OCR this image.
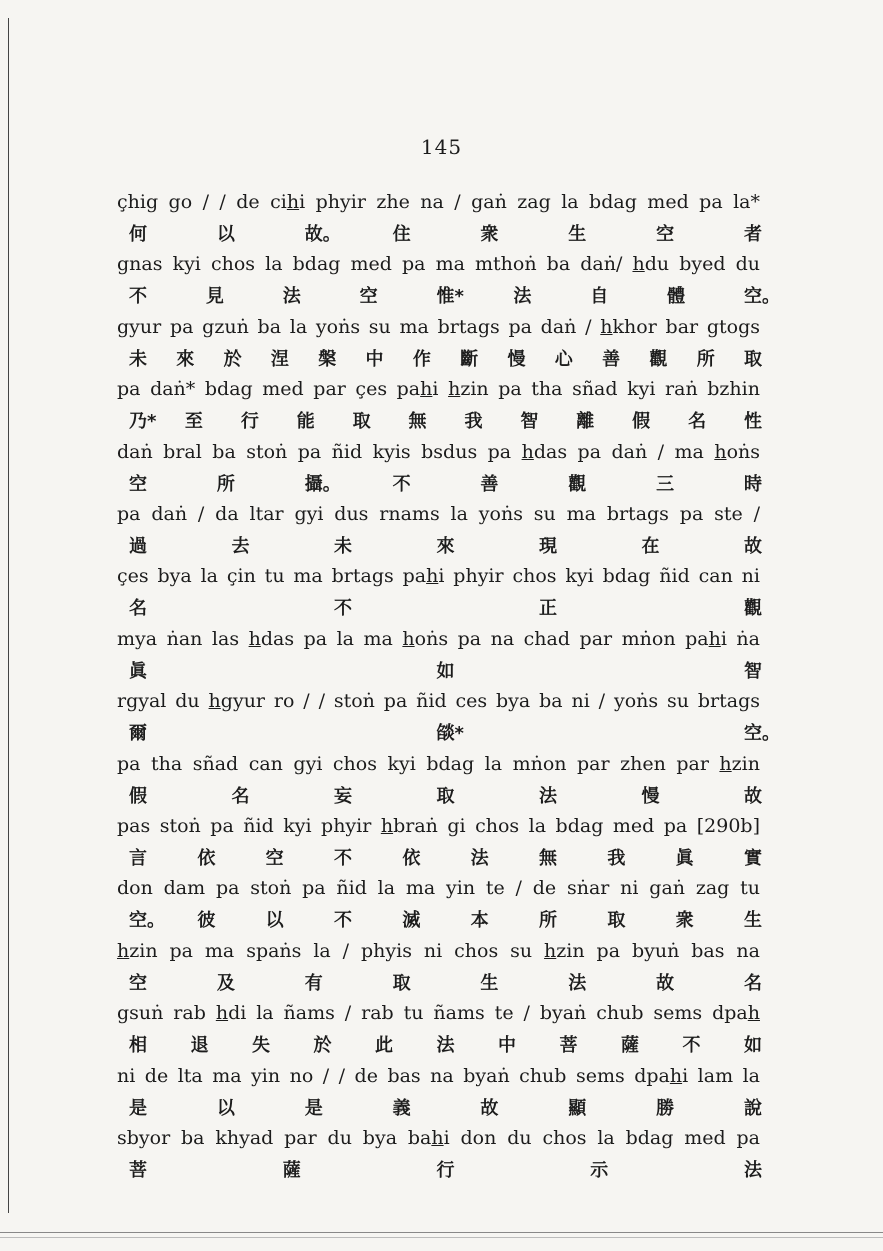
145
çhig go / / de cihi phyir zhe na / gaṅ zag la bdag med pa la*
何	以	故。	住	衆	生	空	者
gnas kyi chos la bdag med pa ma mthoṅ ba daṅ/ hdu byed du
不	見	法	空	惟*	法	自	體	空。
gyur pa gzuṅ ba la yoṅs su ma brtags pa daṅ / hkhor bar gtogs
未 來 於 涅 槃 中 作 斷 慢 心 善 觀 所 取
pa daṅ* bdag med par çes pahi hzin pa tha sñad kyi raṅ bzhin
乃* 至 行 能 取 無 我 智 離 假 名 性
daṅ bral ba stoṅ pa ñid kyis bsdus pa hdas pa daṅ / ma hoṅs
空	所	攝。	不	善	觀	三	時
pa daṅ / da ltar gyi dus rnams la yoṅs su ma brtags pa ste /
過	去	未	來	現	在	故
çes bya la çin tu ma brtags pahi phyir chos kyi bdag ñid can ni
名	不	正	觀
mya ṅan las hdas pa la ma hoṅs pa na chad par mṅon pahi ṅa
眞	如	智
rgyal du hgyur ro / / stoṅ pa ñid ces bya ba ni / yoṅs su brtags
爾	燄*	空。
pa tha sñad can gyi chos kyi bdag la mṅon par zhen par hzin
假	名	妄	取	法	慢	故
pas stoṅ pa ñid kyi phyir hbraṅ gi chos la bdag med pa [290b]
言	依	空	不	依	法	無	我	眞	實
don dam pa stoṅ pa ñid la ma yin te / de sṅar ni gaṅ zag tu
空。 彼	以	不	滅	本	所	取	衆	生
hzin pa ma spaṅs la / phyis ni chos su hzin pa byuṅ bas na
空	及	有	取	生	法	故	名
gsuṅ rab hdi la ñams / rab tu ñams te / byaṅ chub sems dpah
相 退 失 於 此 法 中 菩 薩 不 如
ni de lta ma yin no / / de bas na byaṅ chub sems dpahi lam la
是	以	是	義	故	顯	勝	說
sbyor ba khyad par du bya bahi don du chos la bdag med pa
菩	薩	行	示	法
